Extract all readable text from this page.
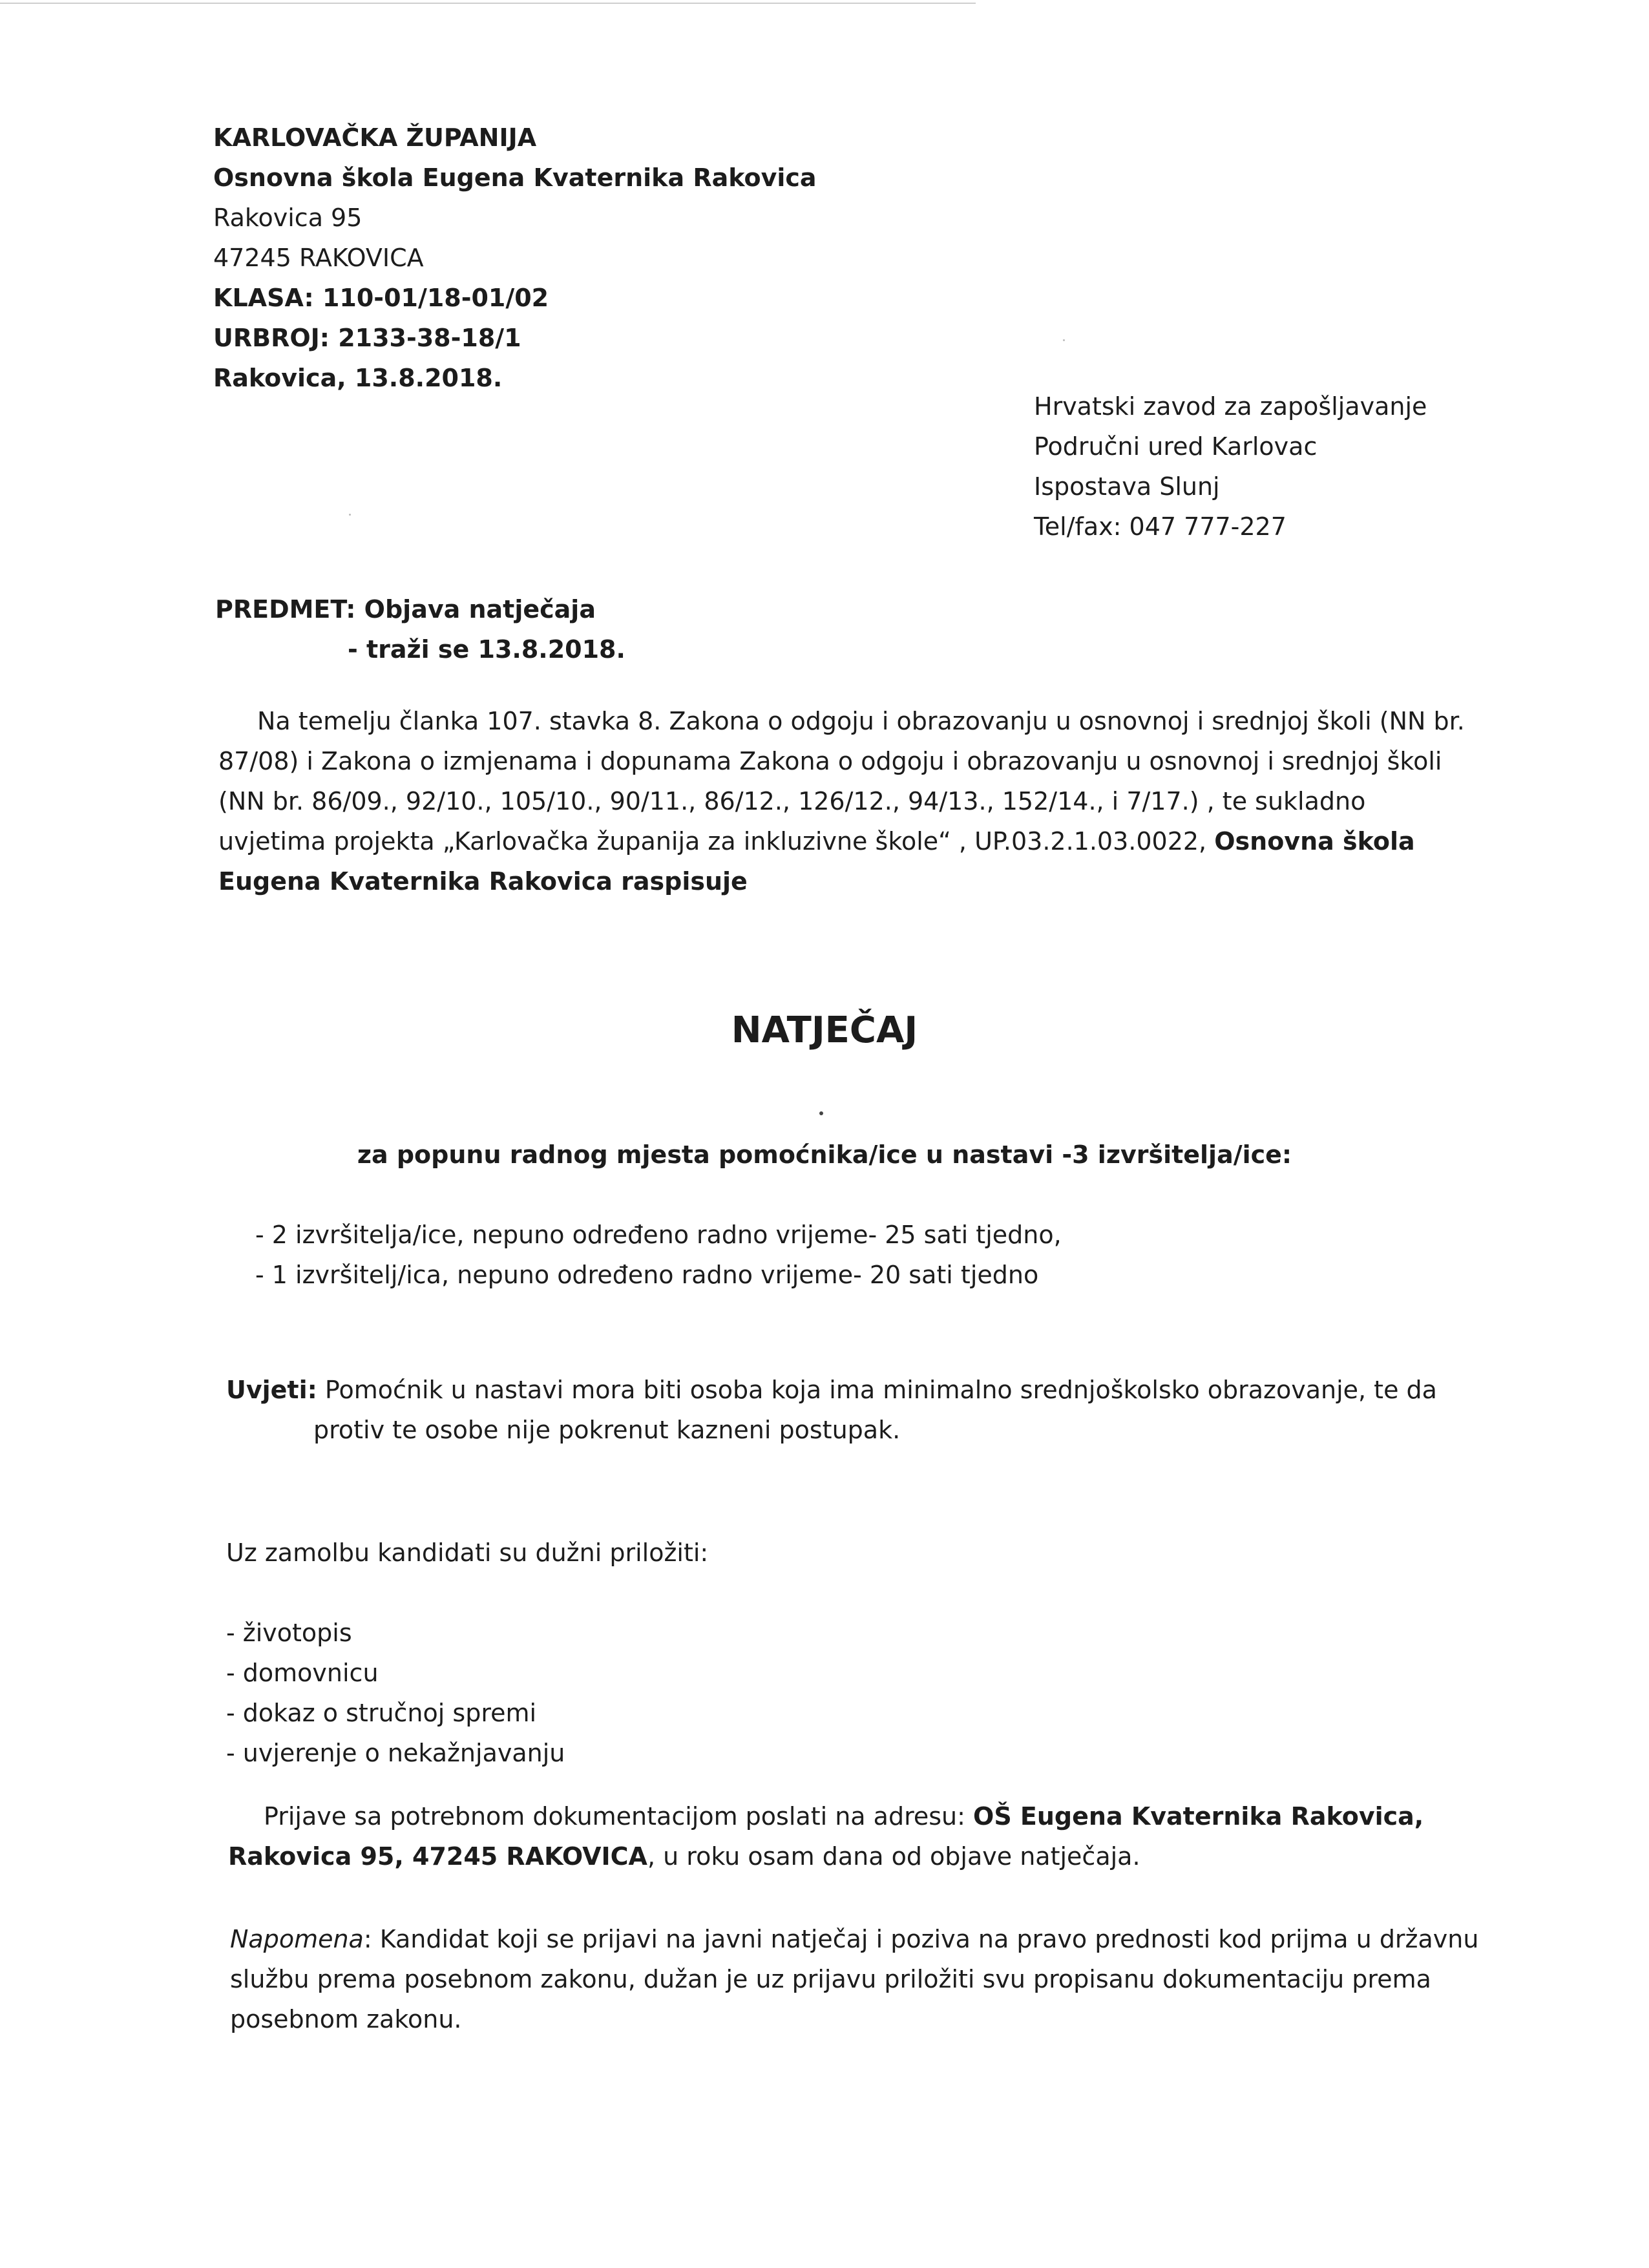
KARLOVAČKA ŽUPANIJA
Osnovna škola Eugena Kvaternika Rakovica
Rakovica 95
47245 RAKOVICA
KLASA: 110-01/18-01/02
URBROJ: 2133-38-18/1
Rakovica, 13.8.2018.
Hrvatski zavod za zapošljavanje
Područni ured Karlovac
Ispostava Slunj
Tel/fax: 047 777-227
PREDMET: Objava natječaja
- traži se 13.8.2018.
Na temelju članka 107. stavka 8. Zakona o odgoju i obrazovanju u osnovnoj i srednjoj školi (NN br.
87/08) i Zakona o izmjenama i dopunama Zakona o odgoju i obrazovanju u osnovnoj i srednjoj školi
(NN br. 86/09., 92/10., 105/10., 90/11., 86/12., 126/12., 94/13., 152/14., i 7/17.) , te sukladno
uvjetima projekta „Karlovačka županija za inkluzivne škole“ , UP.03.2.1.03.0022, Osnovna škola
Eugena Kvaternika Rakovica raspisuje
NATJEČAJ
za popunu radnog mjesta pomoćnika/ice u nastavi -3 izvršitelja/ice:
- 2 izvršitelja/ice, nepuno određeno radno vrijeme- 25 sati tjedno,
- 1 izvršitelj/ica, nepuno određeno radno vrijeme- 20 sati tjedno
Uvjeti: Pomoćnik u nastavi mora biti osoba koja ima minimalno srednjoškolsko obrazovanje, te da
protiv te osobe nije pokrenut kazneni postupak.
Uz zamolbu kandidati su dužni priložiti:
- životopis
- domovnicu
- dokaz o stručnoj spremi
- uvjerenje o nekažnjavanju
Prijave sa potrebnom dokumentacijom poslati na adresu: OŠ Eugena Kvaternika Rakovica,
Rakovica 95, 47245 RAKOVICA, u roku osam dana od objave natječaja.
Napomena: Kandidat koji se prijavi na javni natječaj i poziva na pravo prednosti kod prijma u državnu
službu prema posebnom zakonu, dužan je uz prijavu priložiti svu propisanu dokumentaciju prema
posebnom zakonu.
